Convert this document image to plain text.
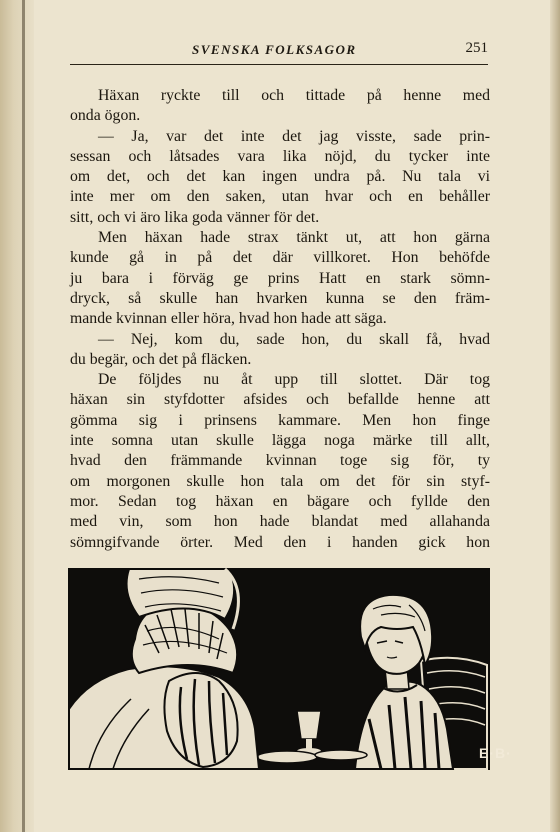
SVENSKA FOLKSAGOR	251
Häxan ryckte till och tittade på henne med
onda ögon.
— Ja, var det inte det jag visste, sade prin-
sessan och låtsades vara lika nöjd, du tycker inte
om det, och det kan ingen undra på. Nu tala vi
inte mer om den saken, utan hvar och en behåller
sitt, och vi äro lika goda vänner för det.
Men häxan hade strax tänkt ut, att hon gärna
kunde gå in på det där villkoret. Hon behöfde
ju bara i förväg ge prins Hatt en stark sömn-
dryck, så skulle han hvarken kunna se den främ-
mande kvinnan eller höra, hvad hon hade att säga.
— Nej, kom du, sade hon, du skall få, hvad
du begär, och det på fläcken.
De följdes nu åt upp till slottet. Där tog
häxan sin styfdotter afsides och befallde henne att
gömma sig i prinsens kammare. Men hon finge
inte somna utan skulle lägga noga märke till allt,
hvad den främmande kvinnan toge sig för, ty
om morgonen skulle hon tala om det för sin styf-
mor. Sedan tog häxan en bägare och fyllde den
med vin, som hon hade blandat med allahanda
sömngifvande örter. Med den i handen gick hon
E·B·
